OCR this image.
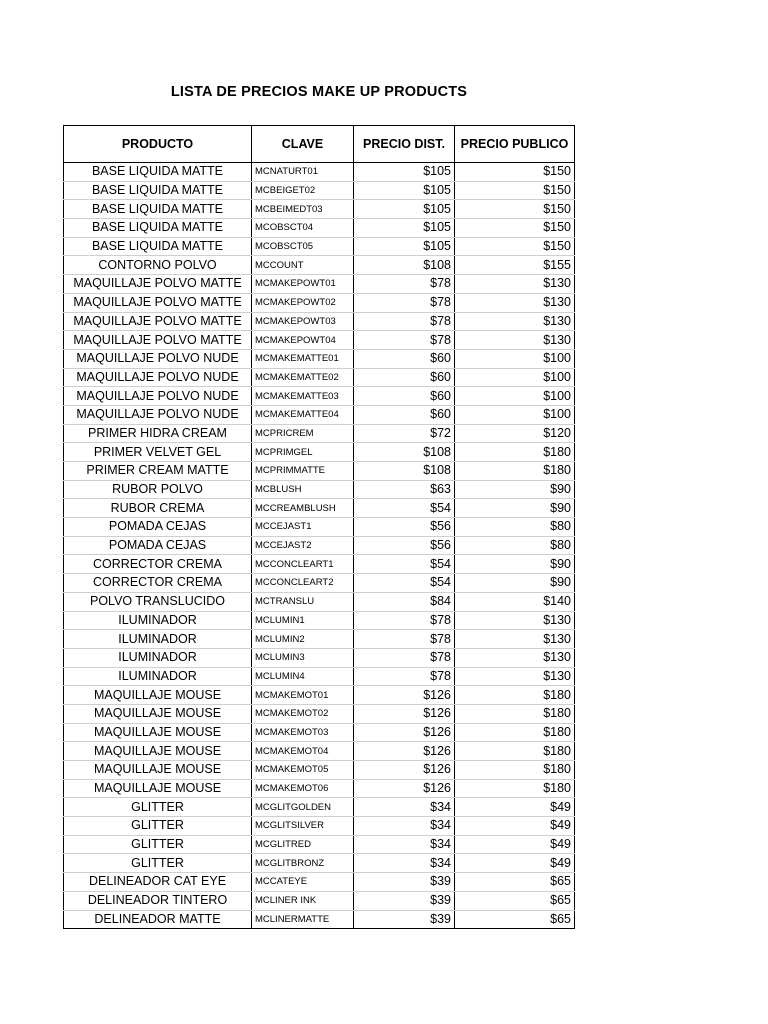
LISTA DE PRECIOS MAKE UP PRODUCTS
PRODUCTO	CLAVE	PRECIO DIST.	PRECIO PUBLICO
BASE LIQUIDA MATTE	MCNATURT01	$105	$150
BASE LIQUIDA MATTE	MCBEIGET02	$105	$150
BASE LIQUIDA MATTE	MCBEIMEDT03	$105	$150
BASE LIQUIDA MATTE	MCOBSCT04	$105	$150
BASE LIQUIDA MATTE	MCOBSCT05	$105	$150
CONTORNO POLVO	MCCOUNT	$108	$155
MAQUILLAJE POLVO MATTE	MCMAKEPOWT01	$78	$130
MAQUILLAJE POLVO MATTE	MCMAKEPOWT02	$78	$130
MAQUILLAJE POLVO MATTE	MCMAKEPOWT03	$78	$130
MAQUILLAJE POLVO MATTE	MCMAKEPOWT04	$78	$130
MAQUILLAJE POLVO NUDE	MCMAKEMATTE01	$60	$100
MAQUILLAJE POLVO NUDE	MCMAKEMATTE02	$60	$100
MAQUILLAJE POLVO NUDE	MCMAKEMATTE03	$60	$100
MAQUILLAJE POLVO NUDE	MCMAKEMATTE04	$60	$100
PRIMER HIDRA CREAM	MCPRICREM	$72	$120
PRIMER VELVET GEL	MCPRIMGEL	$108	$180
PRIMER CREAM MATTE	MCPRIMMATTE	$108	$180
RUBOR POLVO	MCBLUSH	$63	$90
RUBOR CREMA	MCCREAMBLUSH	$54	$90
POMADA CEJAS	MCCEJAST1	$56	$80
POMADA CEJAS	MCCEJAST2	$56	$80
CORRECTOR CREMA	MCCONCLEART1	$54	$90
CORRECTOR CREMA	MCCONCLEART2	$54	$90
POLVO TRANSLUCIDO	MCTRANSLU	$84	$140
ILUMINADOR	MCLUMIN1	$78	$130
ILUMINADOR	MCLUMIN2	$78	$130
ILUMINADOR	MCLUMIN3	$78	$130
ILUMINADOR	MCLUMIN4	$78	$130
MAQUILLAJE MOUSE	MCMAKEMOT01	$126	$180
MAQUILLAJE MOUSE	MCMAKEMOT02	$126	$180
MAQUILLAJE MOUSE	MCMAKEMOT03	$126	$180
MAQUILLAJE MOUSE	MCMAKEMOT04	$126	$180
MAQUILLAJE MOUSE	MCMAKEMOT05	$126	$180
MAQUILLAJE MOUSE	MCMAKEMOT06	$126	$180
GLITTER	MCGLITGOLDEN	$34	$49
GLITTER	MCGLITSILVER	$34	$49
GLITTER	MCGLITRED	$34	$49
GLITTER	MCGLITBRONZ	$34	$49
DELINEADOR CAT EYE	MCCATEYE	$39	$65
DELINEADOR TINTERO	MCLINER INK	$39	$65
DELINEADOR MATTE	MCLINERMATTE	$39	$65
